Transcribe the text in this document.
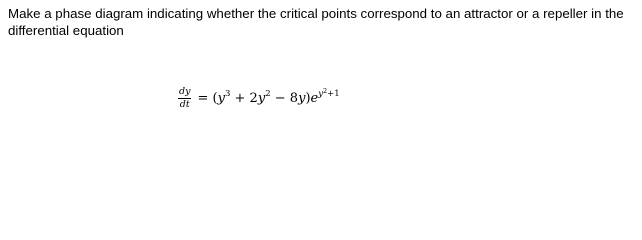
Make a phase diagram indicating whether the critical points correspond to an attractor or a repeller in the differential equation

$\frac{dy}{dt} = (y^3 + 2y^2 - 8y)e^{y^2+1}$
